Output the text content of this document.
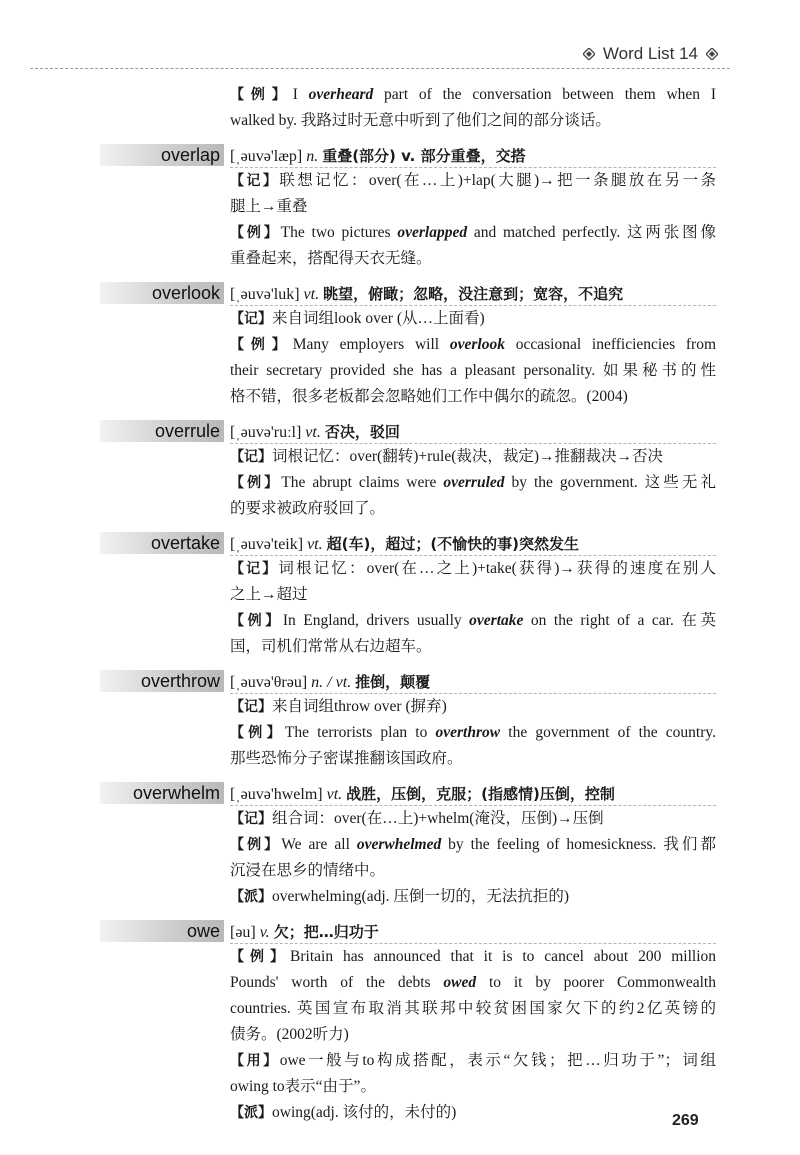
Word List 14
【例】I overheard part of the conversation between them when I
walked by. 我路过时无意中听到了他们之间的部分谈话。
overlap [ˌəuvə'læp] n. 重叠(部分) v. 部分重叠，交搭
【记】联想记忆：over(在…上)+lap(大腿)→把一条腿放在另一条
腿上→重叠
【例】The two pictures overlapped and matched perfectly. 这两张图像
重叠起来，搭配得天衣无缝。
overlook [ˌəuvə'luk] vt. 眺望，俯瞰；忽略，没注意到；宽容，不追究
【记】来自词组look over (从…上面看)
【例】Many employers will overlook occasional inefficiencies from
their secretary provided she has a pleasant personality. 如果秘书的性
格不错，很多老板都会忽略她们工作中偶尔的疏忽。(2004)
overrule [ˌəuvə'ruːl] vt. 否决，驳回
【记】词根记忆：over(翻转)+rule(裁决，裁定)→推翻裁决→否决
【例】The abrupt claims were overruled by the government. 这些无礼
的要求被政府驳回了。
overtake [ˌəuvə'teik] vt. 超(车)，超过；(不愉快的事)突然发生
【记】词根记忆：over(在…之上)+take(获得)→获得的速度在别人
之上→超过
【例】In England, drivers usually overtake on the right of a car. 在英
国，司机们常常从右边超车。
overthrow [ˌəuvə'θrəu] n. / vt. 推倒，颠覆
【记】来自词组throw over (摒弃)
【例】The terrorists plan to overthrow the government of the country.
那些恐怖分子密谋推翻该国政府。
overwhelm [ˌəuvə'hwelm] vt. 战胜，压倒，克服；(指感情)压倒，控制
【记】组合词：over(在…上)+whelm(淹没，压倒)→压倒
【例】We are all overwhelmed by the feeling of homesickness. 我们都
沉浸在思乡的情绪中。
【派】overwhelming(adj. 压倒一切的，无法抗拒的)
owe [əu] v. 欠；把…归功于
【例】Britain has announced that it is to cancel about 200 million
Pounds' worth of the debts owed to it by poorer Commonwealth
countries. 英国宣布取消其联邦中较贫困国家欠下的约2亿英镑的
债务。(2002听力)
【用】owe一般与to构成搭配，表示“欠钱；把…归功于”；词组
owing to表示“由于”。
【派】owing(adj. 该付的，未付的)	269
